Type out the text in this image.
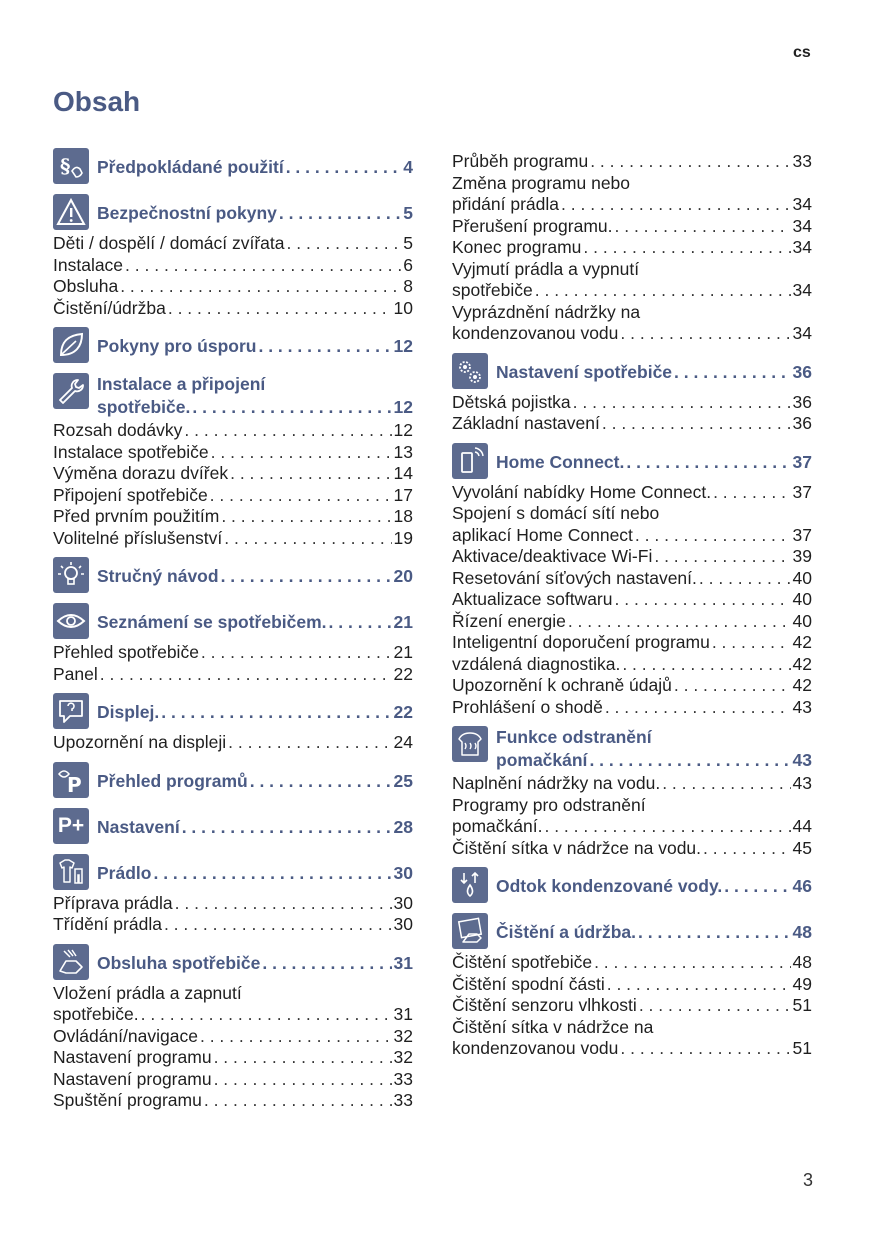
cs
Obsah
§ Předpokládané použití . . .	4
Bezpečnostní pokyny . . .	5
Děti / dospělí / domácí zvířata . . .	5
Instalace . . .	6
Obsluha . . .	8
Čistění/údržba . . .	10
Pokyny pro úsporu . . .	12
Instalace a připojení
spotřebiče. . . .	12
Rozsah dodávky . . .	12
Instalace spotřebiče . . .	13
Výměna dorazu dvířek . . .	14
Připojení spotřebiče . . .	17
Před prvním použitím . . .	18
Volitelné příslušenství . . .	19
Stručný návod . . .	20
Seznámení se spotřebičem. . . .	21
Přehled spotřebiče . . .	21
Panel . . .	22
Displej. . . .	22
Upozornění na displeji . . .	24
P Přehled programů . . .	25
P+ Nastavení . . .	28
Prádlo . . .	30
Příprava prádla . . .	30
Třídění prádla . . .	30
Obsluha spotřebiče . . .	31
Vložení prádla a zapnutí
spotřebiče. . . .	31
Ovládání/navigace . . .	32
Nastavení programu . . .	32
Nastavení programu . . .	33
Spuštění programu . . .	33
Průběh programu . . .	33
Změna programu nebo
přidání prádla . . .	34
Přerušení programu. . . .	34
Konec programu . . .	34
Vyjmutí prádla a vypnutí
spotřebiče . . .	34
Vyprázdnění nádržky na
kondenzovanou vodu . . .	34
Nastavení spotřebiče . . .	36
Dětská pojistka . . .	36
Základní nastavení . . .	36
Home Connect. . . .	37
Vyvolání nabídky Home Connect. . . .	37
Spojení s domácí sítí nebo
aplikací Home Connect . . .	37
Aktivace/deaktivace Wi-Fi . . .	39
Resetování síťových nastavení. . . .	40
Aktualizace softwaru . . .	40
Řízení energie . . .	40
Inteligentní doporučení programu . . .	42
vzdálená diagnostika. . . .	42
Upozornění k ochraně údajů . . .	42
Prohlášení o shodě . . .	43
Funkce odstranění
pomačkání . . .	43
Naplnění nádržky na vodu. . . .	43
Programy pro odstranění
pomačkání. . . .	44
Čištění sítka v nádržce na vodu. . . .	45
Odtok kondenzované vody. . . .	46
Čištění a údržba. . . .	48
Čištění spotřebiče . . .	48
Čištění spodní části . . .	49
Čištění senzoru vlhkosti . . .	51
Čištění sítka v nádržce na
kondenzovanou vodu . . .	51
3
